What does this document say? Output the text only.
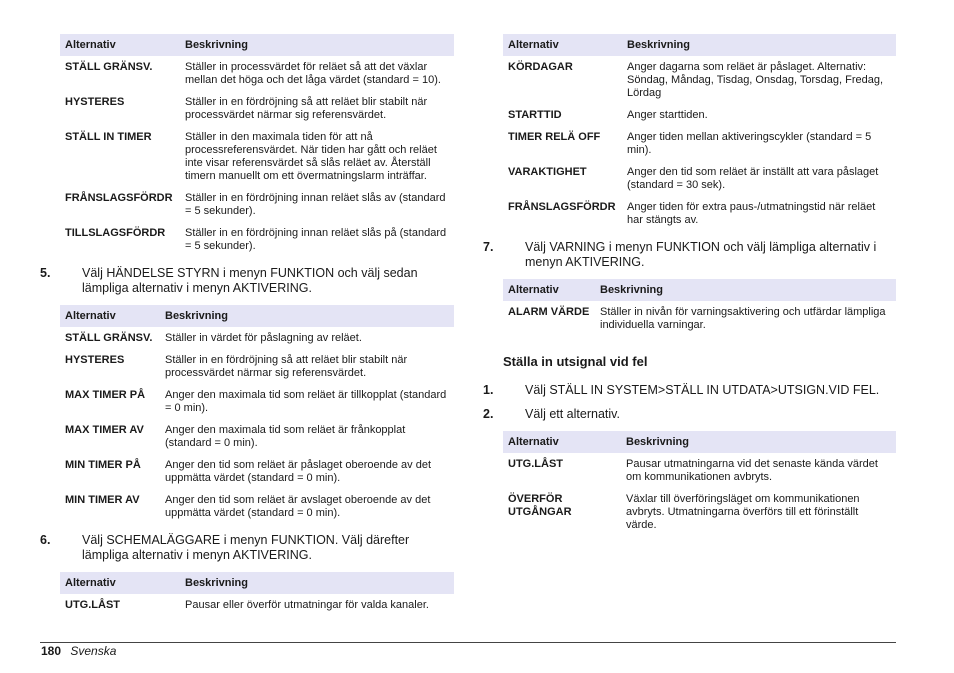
Alternativ	Beskrivning
STÄLL GRÄNSV.	Ställer in processvärdet för reläet så att det växlar mellan det höga och det låga värdet (standard = 10).
HYSTERES	Ställer in en fördröjning så att reläet blir stabilt när processvärdet närmar sig referensvärdet.
STÄLL IN TIMER	Ställer in den maximala tiden för att nå processreferensvärdet. När tiden har gått och reläet inte visar referensvärdet så slås reläet av. Återställ timern manuellt om ett övermatningslarm inträffar.
FRÅNSLAGSFÖRDR	Ställer in en fördröjning innan reläet slås av (standard = 5 sekunder).
TILLSLAGSFÖRDR	Ställer in en fördröjning innan reläet slås på (standard = 5 sekunder).
5.	Välj HÄNDELSE STYRN i menyn FUNKTION och välj sedan lämpliga alternativ i menyn AKTIVERING.
Alternativ	Beskrivning
STÄLL GRÄNSV.	Ställer in värdet för påslagning av reläet.
HYSTERES	Ställer in en fördröjning så att reläet blir stabilt när processvärdet närmar sig referensvärdet.
MAX TIMER PÅ	Anger den maximala tid som reläet är tillkopplat (standard = 0 min).
MAX TIMER AV	Anger den maximala tid som reläet är frånkopplat (standard = 0 min).
MIN TIMER PÅ	Anger den tid som reläet är påslaget oberoende av det uppmätta värdet (standard = 0 min).
MIN TIMER AV	Anger den tid som reläet är avslaget oberoende av det uppmätta värdet (standard = 0 min).
6.	Välj SCHEMALÄGGARE i menyn FUNKTION. Välj därefter lämpliga alternativ i menyn AKTIVERING.
Alternativ	Beskrivning
UTG.LÅST	Pausar eller överför utmatningar för valda kanaler.
Alternativ	Beskrivning
KÖRDAGAR	Anger dagarna som reläet är påslaget. Alternativ: Söndag, Måndag, Tisdag, Onsdag, Torsdag, Fredag, Lördag
STARTTID	Anger starttiden.
TIMER RELÄ OFF	Anger tiden mellan aktiveringscykler (standard = 5 min).
VARAKTIGHET	Anger den tid som reläet är inställt att vara påslaget (standard = 30 sek).
FRÅNSLAGSFÖRDR	Anger tiden för extra paus-/utmatningstid när reläet har stängts av.
7.	Välj VARNING i menyn FUNKTION och välj lämpliga alternativ i menyn AKTIVERING.
Alternativ	Beskrivning
ALARM VÄRDE	Ställer in nivån för varningsaktivering och utfärdar lämpliga individuella varningar.
Ställa in utsignal vid fel
1.	Välj STÄLL IN SYSTEM>STÄLL IN UTDATA>UTSIGN.VID FEL.
2.	Välj ett alternativ.
Alternativ	Beskrivning
UTG.LÅST	Pausar utmatningarna vid det senaste kända värdet om kommunikationen avbryts.
ÖVERFÖR UTGÅNGAR	Växlar till överföringsläget om kommunikationen avbryts. Utmatningarna överförs till ett förinställt värde.
180 Svenska
